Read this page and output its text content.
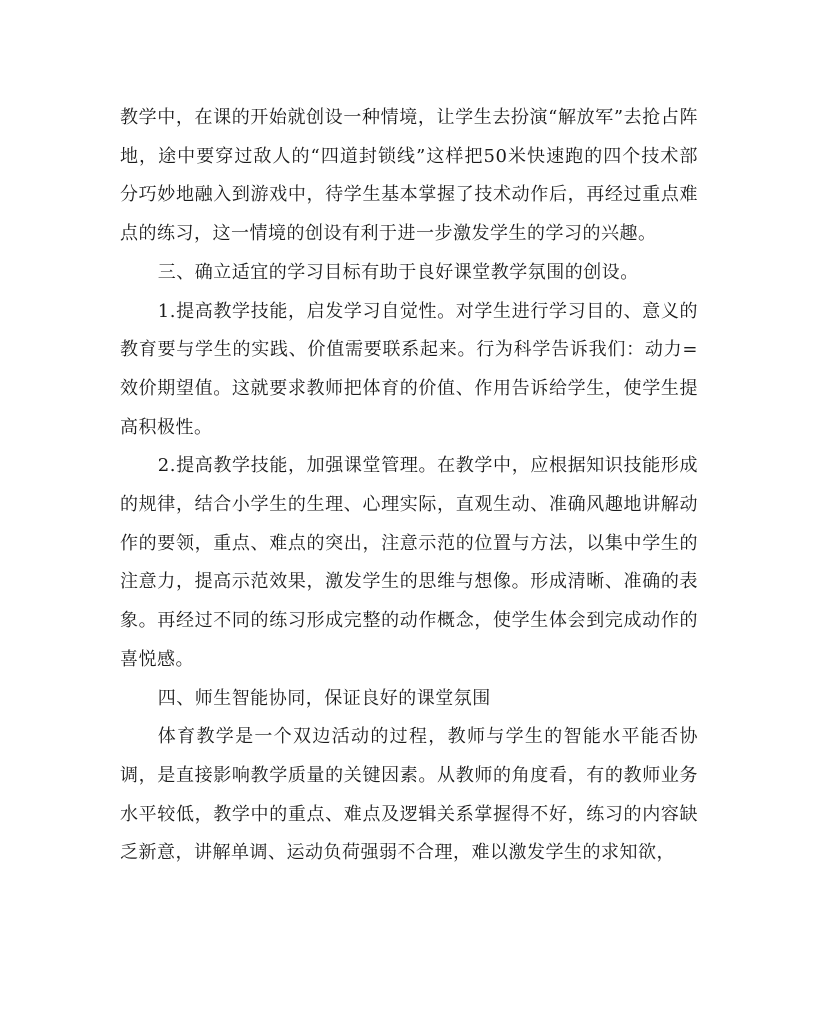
教学中，在课的开始就创设一种情境，让学生去扮演“解放军”去抢占阵地，途中要穿过敌人的“四道封锁线”这样把50米快速跑的四个技术部分巧妙地融入到游戏中，待学生基本掌握了技术动作后，再经过重点难点的练习，这一情境的创设有利于进一步激发学生的学习的兴趣。

三、确立适宜的学习目标有助于良好课堂教学氛围的创设。

1.提高教学技能，启发学习自觉性。对学生进行学习目的、意义的教育要与学生的实践、价值需要联系起来。行为科学告诉我们：动力=效价期望值。这就要求教师把体育的价值、作用告诉给学生，使学生提高积极性。

2.提高教学技能，加强课堂管理。在教学中，应根据知识技能形成的规律，结合小学生的生理、心理实际，直观生动、准确风趣地讲解动作的要领，重点、难点的突出，注意示范的位置与方法，以集中学生的注意力，提高示范效果，激发学生的思维与想像。形成清晰、准确的表象。再经过不同的练习形成完整的动作概念，使学生体会到完成动作的喜悦感。

四、师生智能协同，保证良好的课堂氛围

体育教学是一个双边活动的过程，教师与学生的智能水平能否协调，是直接影响教学质量的关键因素。从教师的角度看，有的教师业务水平较低，教学中的重点、难点及逻辑关系掌握得不好，练习的内容缺乏新意，讲解单调、运动负荷强弱不合理，难以激发学生的求知欲，
